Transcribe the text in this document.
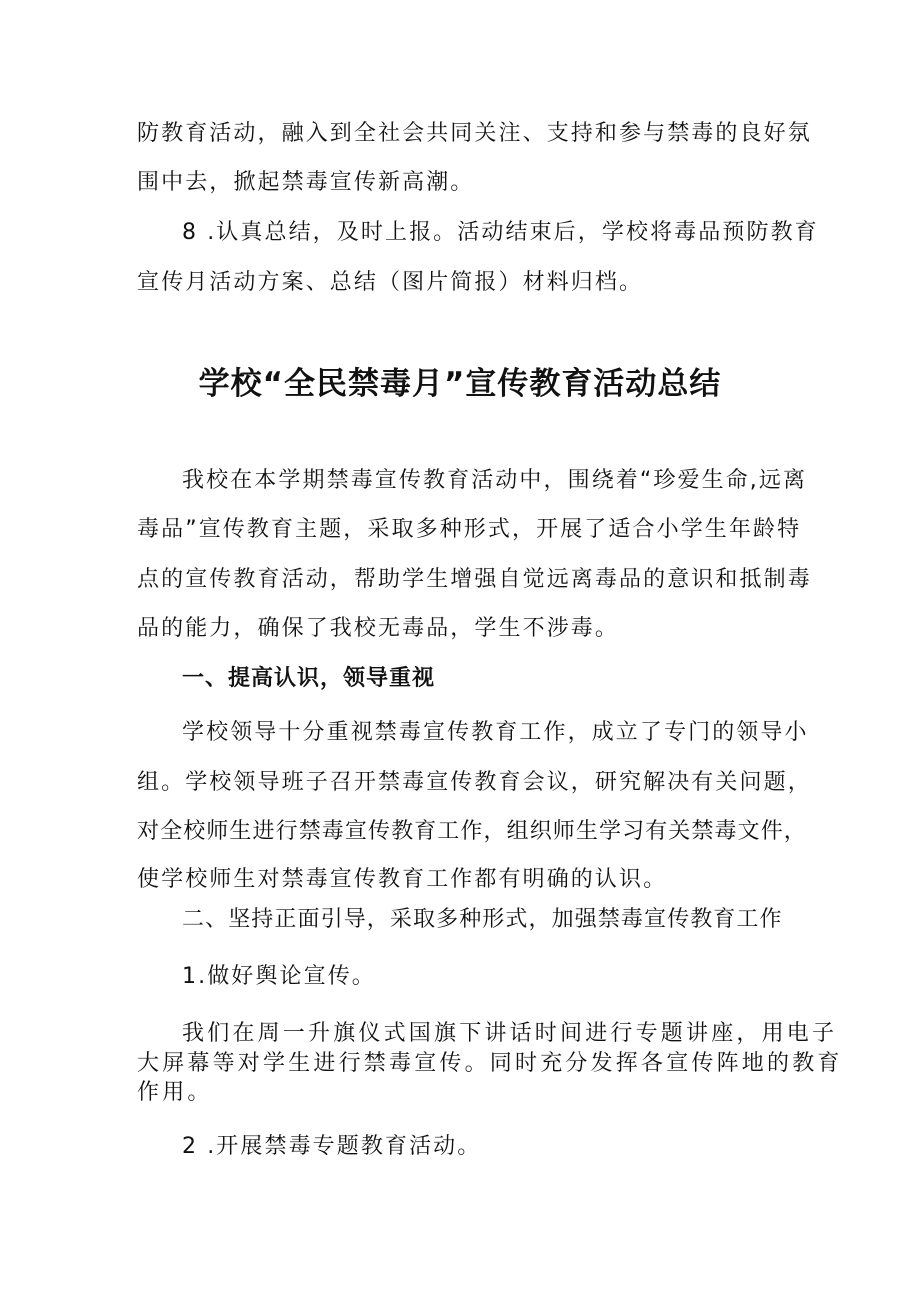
防教育活动，融入到全社会共同关注、支持和参与禁毒的良好氛

围中去，掀起禁毒宣传新高潮。

8 .认真总结，及时上报。活动结束后，学校将毒品预防教育

宣传月活动方案、总结（图片简报）材料归档。

学校“全民禁毒月”宣传教育活动总结

我校在本学期禁毒宣传教育活动中，围绕着“珍爱生命,远离

毒品”宣传教育主题，采取多种形式，开展了适合小学生年龄特

点的宣传教育活动，帮助学生增强自觉远离毒品的意识和抵制毒

品的能力，确保了我校无毒品，学生不涉毒。

一、提高认识，领导重视

学校领导十分重视禁毒宣传教育工作，成立了专门的领导小

组。学校领导班子召开禁毒宣传教育会议，研究解决有关问题，

对全校师生进行禁毒宣传教育工作，组织师生学习有关禁毒文件，

使学校师生对禁毒宣传教育工作都有明确的认识。

二、坚持正面引导，采取多种形式，加强禁毒宣传教育工作

1.做好舆论宣传。

我们在周一升旗仪式国旗下讲话时间进行专题讲座，用电子

大屏幕等对学生进行禁毒宣传。同时充分发挥各宣传阵地的教育

作用。

2 .开展禁毒专题教育活动。
